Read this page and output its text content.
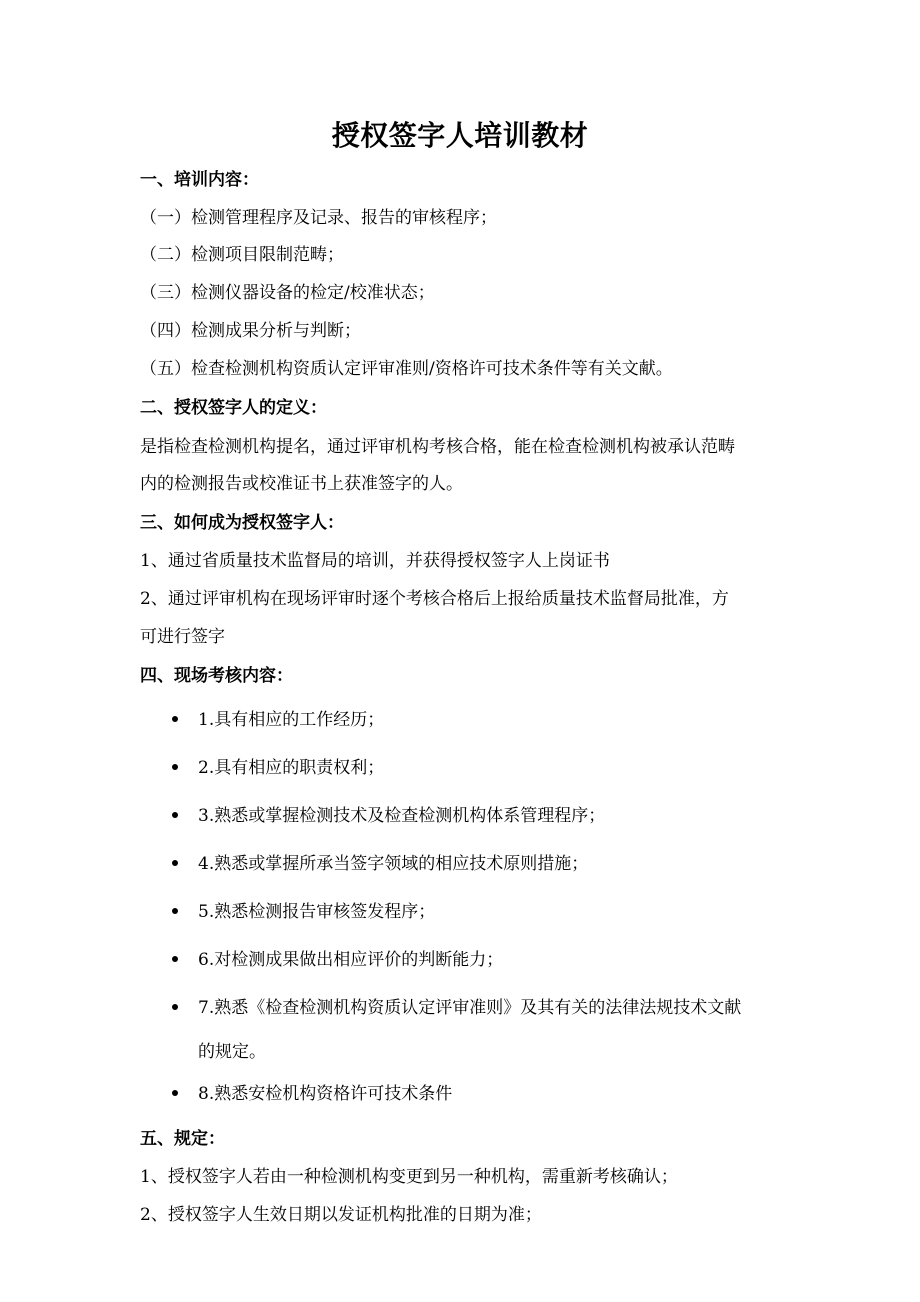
授权签字人培训教材

一、培训内容：

（一）检测管理程序及记录、报告的审核程序；

（二）检测项目限制范畴；

（三）检测仪器设备的检定/校准状态；

（四）检测成果分析与判断；

（五）检查检测机构资质认定评审准则/资格许可技术条件等有关文献。

二、授权签字人的定义：

是指检查检测机构提名，通过评审机构考核合格，能在检查检测机构被承认范畴

内的检测报告或校准证书上获准签字的人。

三、如何成为授权签字人：

1、通过省质量技术监督局的培训，并获得授权签字人上岗证书

2、通过评审机构在现场评审时逐个考核合格后上报给质量技术监督局批准，方

可进行签字

四、现场考核内容：

1.具有相应的工作经历；

2.具有相应的职责权利；

3.熟悉或掌握检测技术及检查检测机构体系管理程序；

4.熟悉或掌握所承当签字领域的相应技术原则措施；

5.熟悉检测报告审核签发程序；

6.对检测成果做出相应评价的判断能力；

7.熟悉《检查检测机构资质认定评审准则》及其有关的法律法规技术文献

的规定。

8.熟悉安检机构资格许可技术条件

五、规定：

1、授权签字人若由一种检测机构变更到另一种机构，需重新考核确认；

2、授权签字人生效日期以发证机构批准的日期为准；
